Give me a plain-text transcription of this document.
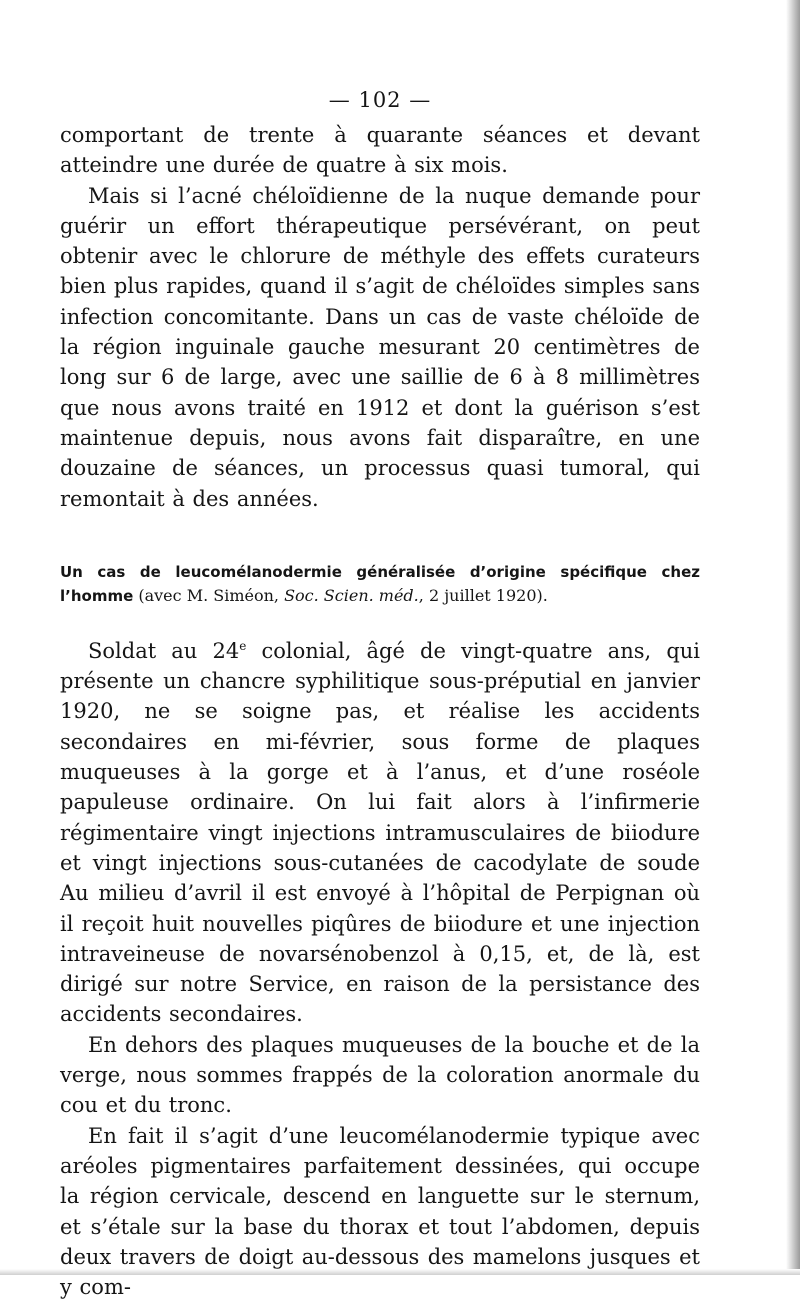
— 102 —

comportant de trente à quarante séances et devant atteindre une durée de quatre à six mois.

Mais si l’acné chéloïdienne de la nuque demande pour guérir un effort thérapeutique persévérant, on peut obtenir avec le chlorure de méthyle des effets curateurs bien plus rapides, quand il s’agit de chéloïdes simples sans infection concomitante. Dans un cas de vaste chéloïde de la région inguinale gauche mesurant 20 centimètres de long sur 6 de large, avec une saillie de 6 à 8 millimètres que nous avons traité en 1912 et dont la guérison s’est maintenue depuis, nous avons fait disparaître, en une douzaine de séances, un processus quasi tumoral, qui remontait à des années.

Un cas de leucomélanodermie généralisée d’origine spécifique chez l’homme (avec M. Siméon, Soc. Scien. méd., 2 juillet 1920).

Soldat au 24e colonial, âgé de vingt-quatre ans, qui présente un chancre syphilitique sous-préputial en janvier 1920, ne se soigne pas, et réalise les accidents secondaires en mi-février, sous forme de plaques muqueuses à la gorge et à l’anus, et d’une roséole papuleuse ordinaire. On lui fait alors à l’infirmerie régimentaire vingt injections intramusculaires de biiodure et vingt injections sous-cutanées de cacodylate de soude Au milieu d’avril il est envoyé à l’hôpital de Perpignan où il reçoit huit nouvelles piqûres de biiodure et une injection intraveineuse de novarsénobenzol à 0,15, et, de là, est dirigé sur notre Service, en raison de la persistance des accidents secondaires.

En dehors des plaques muqueuses de la bouche et de la verge, nous sommes frappés de la coloration anormale du cou et du tronc.

En fait il s’agit d’une leucomélanodermie typique avec aréoles pigmentaires parfaitement dessinées, qui occupe la région cervicale, descend en languette sur le sternum, et s’étale sur la base du thorax et tout l’abdomen, depuis deux travers de doigt au-dessous des mamelons jusques et y com-
